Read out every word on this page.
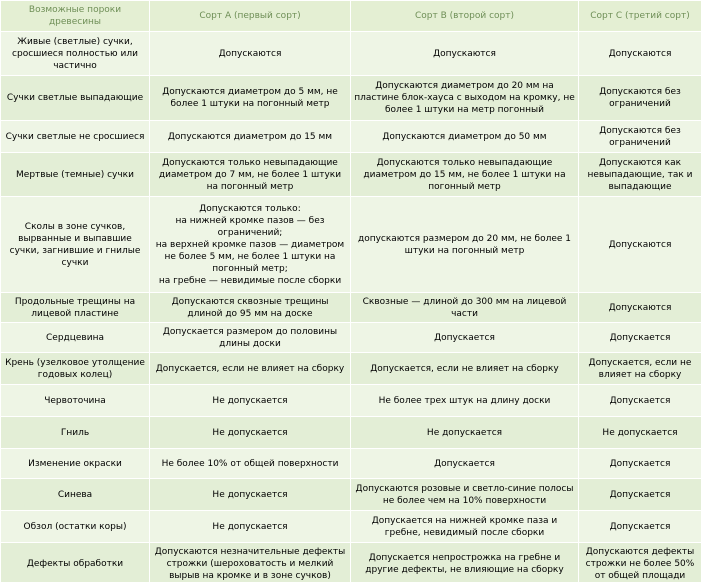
Возможные пороки древесины	Сорт A (первый сорт)	Сорт B (второй сорт)	Сорт C (третий сорт)
Живые (светлые) сучки, сросшиеся полностью или частично	Допускаются	Допускаются	Допускаются
Сучки светлые выпадающие	Допускаются диаметром до 5 мм, не более 1 штуки на погонный метр	Допускаются диаметром до 20 мм на пластине блок-хауса с выходом на кромку, не более 1 штуки на метр погонный	Допускаются без ограничений
Сучки светлые не сросшиеся	Допускаются диаметром до 15 мм	Допускаются диаметром до 50 мм	Допускаются без ограничений
Мертвые (темные) сучки	Допускаются только невыпадающие диаметром до 7 мм, не более 1 штуки на погонный метр	Допускаются только невыпадающие диаметром до 15 мм, не более 1 штуки на погонный метр	Допускаются как невыпадающие, так и выпадающие
Сколы в зоне сучков, вырванные и выпавшие сучки, загнившие и гнилые сучки	Допускаются только:
на нижней кромке пазов — без ограничений;
на верхней кромке пазов — диаметром не более 5 мм, не более 1 штуки на погонный метр;
на гребне — невидимые после сборки	допускаются размером до 20 мм, не более 1 штуки на погонный метр	Допускаются
Продольные трещины на лицевой пластине	Допускаются сквозные трещины длиной до 95 мм на доске	Сквозные — длиной до 300 мм на лицевой части	Допускаются
Сердцевина	Допускается размером до половины длины доски	Допускается	Допускается
Крень (узелковое утолщение годовых колец)	Допускается, если не влияет на сборку	Допускается, если не влияет на сборку	Допускается, если не влияет на сборку
Червоточина	Не допускается	Не более трех штук на длину доски	Допускается
Гниль	Не допускается	Не допускается	Не допускается
Изменение окраски	Не более 10% от общей поверхности	Допускается	Допускается
Синева	Не допускается	Допускаются розовые и светло-синие полосы не более чем на 10% поверхности	Допускается
Обзол (остатки коры)	Не допускается	Допускается на нижней кромке паза и гребне, невидимый после сборки	Допускается
Дефекты обработки	Допускаются незначительные дефекты строжки (шероховатость и мелкий вырыв на кромке и в зоне сучков)	Допускается непрострожка на гребне и другие дефекты, не влияющие на сборку	Допускаются дефекты строжки не более 50% от общей площади
